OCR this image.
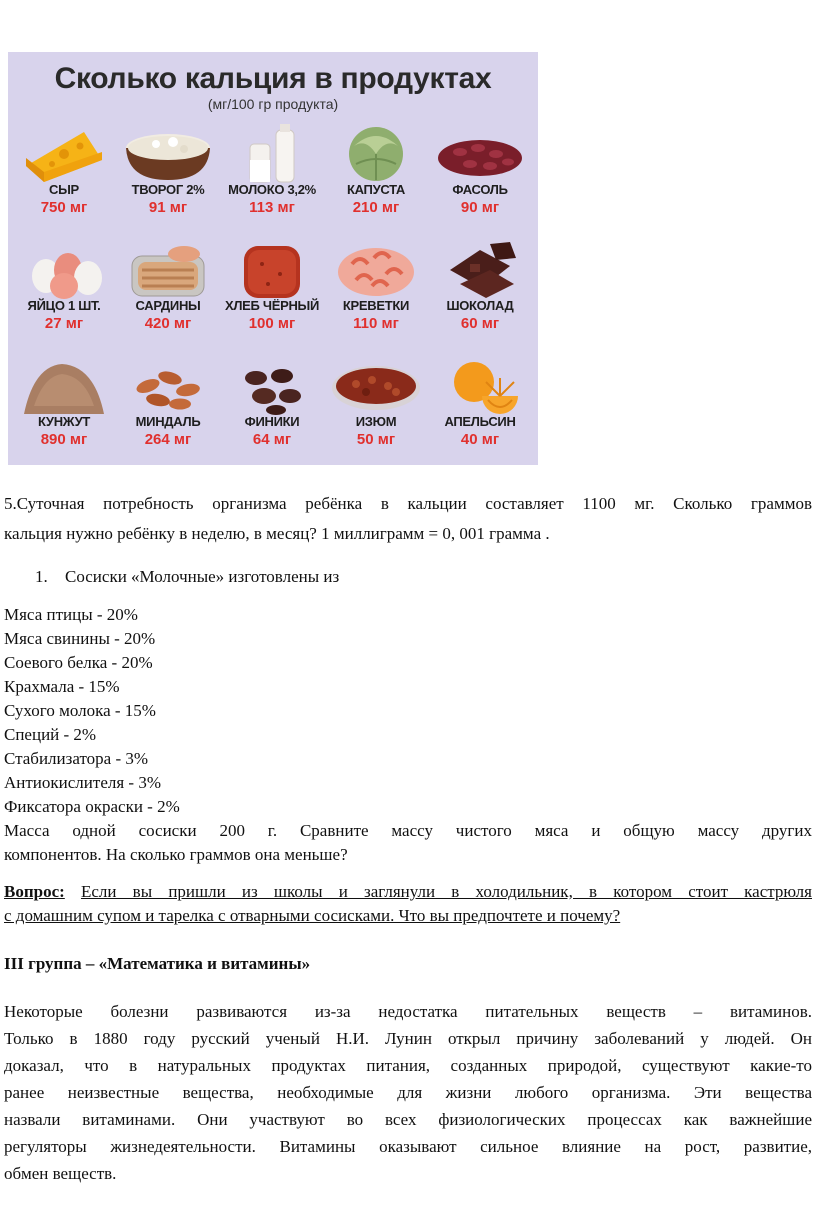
Сколько кальция в продуктах
(мг/100 гр продукта)
СЫР
750 мг
ТВОРОГ 2%
91 мг
МОЛОКО 3,2%
113 мг
КАПУСТА
210 мг
ФАСОЛЬ
90 мг
ЯЙЦО 1 ШТ.
27 мг
САРДИНЫ
420 мг
ХЛЕБ ЧЁРНЫЙ
100 мг
КРЕВЕТКИ
110 мг
ШОКОЛАД
60 мг
КУНЖУТ
890 мг
МИНДАЛЬ
264 мг
ФИНИКИ
64 мг
ИЗЮМ
50 мг
АПЕЛЬСИН
40 мг
5.Суточная потребность организма ребёнка в кальции составляет 1100 мг. Сколько граммов
кальция нужно ребёнку в неделю, в месяц? 1 миллиграмм = 0, 001 грамма .
1. Сосиски «Молочные» изготовлены из
Мяса птицы - 20%
Мяса свинины - 20%
Соевого белка - 20%
Крахмала - 15%
Сухого молока - 15%
Специй - 2%
Стабилизатора - 3%
Антиокислителя - 3%
Фиксатора окраски - 2%
Масса одной сосиски 200 г. Сравните массу чистого мяса и общую массу других
компонентов. На сколько граммов она меньше?
Вопрос: Если вы пришли из школы и заглянули в холодильник, в котором стоит кастрюля
с домашним супом и тарелка с отварными сосисками. Что вы предпочтете и почему?
III группа – «Математика и витамины»
Некоторые болезни развиваются из-за недостатка питательных веществ – витаминов.
Только в 1880 году русский ученый Н.И. Лунин открыл причину заболеваний у людей. Он
доказал, что в натуральных продуктах питания, созданных природой, существуют какие-то
ранее неизвестные вещества, необходимые для жизни любого организма. Эти вещества
назвали витаминами. Они участвуют во всех физиологических процессах как важнейшие
регуляторы жизнедеятельности. Витамины оказывают сильное влияние на рост, развитие,
обмен веществ.
